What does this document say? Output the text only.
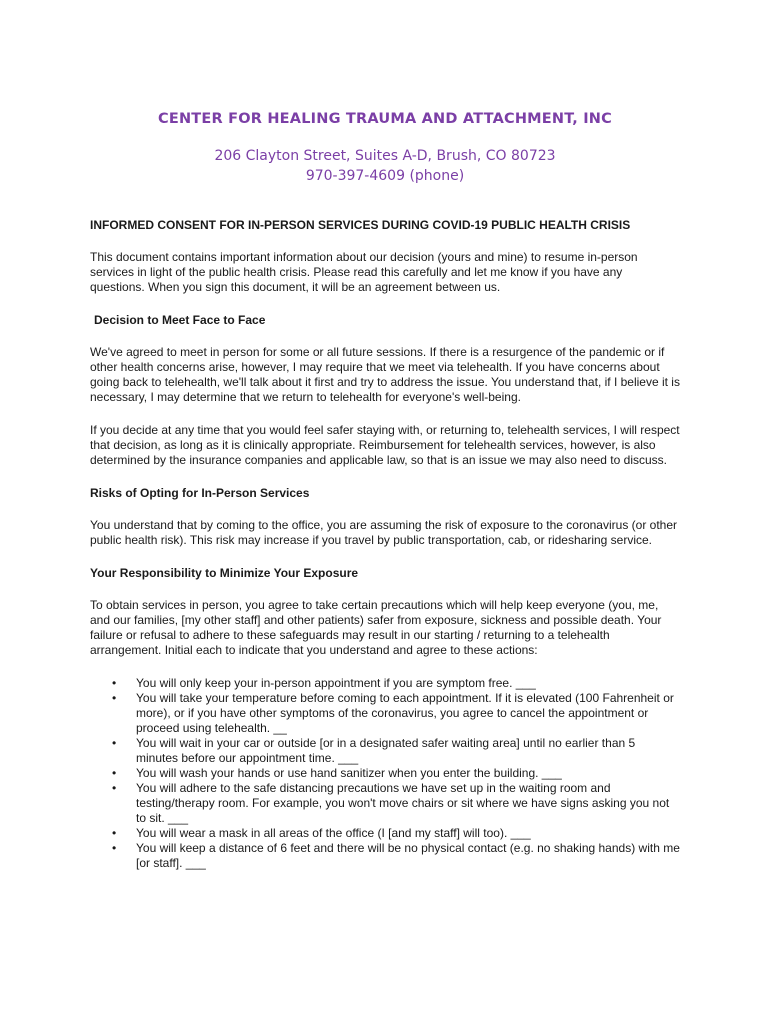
CENTER FOR HEALING TRAUMA AND ATTACHMENT, INC

206 Clayton Street, Suites A-D, Brush, CO 80723

970-397-4609 (phone)

INFORMED CONSENT FOR IN-PERSON SERVICES DURING COVID-19 PUBLIC HEALTH CRISIS

This document contains important information about our decision (yours and mine) to resume in-person services in light of the public health crisis. Please read this carefully and let me know if you have any questions. When you sign this document, it will be an agreement between us.

Decision to Meet Face to Face

We've agreed to meet in person for some or all future sessions. If there is a resurgence of the pandemic or if other health concerns arise, however, I may require that we meet via telehealth. If you have concerns about going back to telehealth, we'll talk about it first and try to address the issue. You understand that, if I believe it is necessary, I may determine that we return to telehealth for everyone's well-being.

If you decide at any time that you would feel safer staying with, or returning to, telehealth services, I will respect that decision, as long as it is clinically appropriate. Reimbursement for telehealth services, however, is also determined by the insurance companies and applicable law, so that is an issue we may also need to discuss.

Risks of Opting for In-Person Services

You understand that by coming to the office, you are assuming the risk of exposure to the coronavirus (or other public health risk). This risk may increase if you travel by public transportation, cab, or ridesharing service.

Your Responsibility to Minimize Your Exposure

To obtain services in person, you agree to take certain precautions which will help keep everyone (you, me, and our families, [my other staff] and other patients) safer from exposure, sickness and possible death. Your failure or refusal to adhere to these safeguards may result in our starting / returning to a telehealth arrangement. Initial each to indicate that you understand and agree to these actions:

• You will only keep your in-person appointment if you are symptom free. ___
• You will take your temperature before coming to each appointment. If it is elevated (100 Fahrenheit or more), or if you have other symptoms of the coronavirus, you agree to cancel the appointment or proceed using telehealth. __
• You will wait in your car or outside [or in a designated safer waiting area] until no earlier than 5 minutes before our appointment time. ___
• You will wash your hands or use hand sanitizer when you enter the building. ___
• You will adhere to the safe distancing precautions we have set up in the waiting room and testing/therapy room. For example, you won't move chairs or sit where we have signs asking you not to sit. ___
• You will wear a mask in all areas of the office (I [and my staff] will too). ___
• You will keep a distance of 6 feet and there will be no physical contact (e.g. no shaking hands) with me [or staff]. ___
